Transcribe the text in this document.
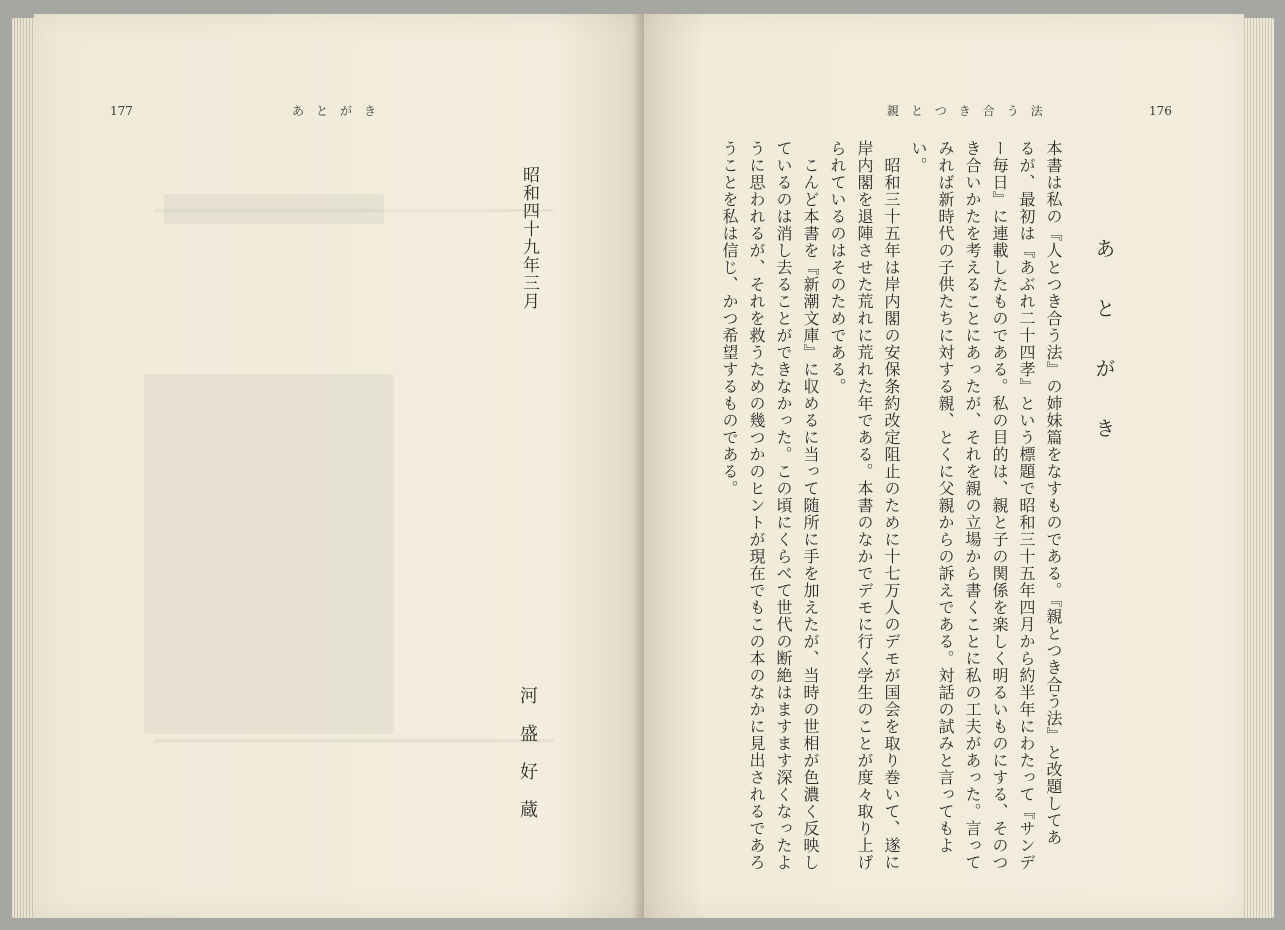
177	あとがき
昭和四十九年三月
河盛好蔵
親とつき合う法	176
あとがき
本書は私の『人とつき合う法』の姉妹篇をなすものである。『親とつき合う法』と改題してあ
るが、最初は『あぶれ二十四孝』という標題で昭和三十五年四月から約半年にわたって『サンデ
ー毎日』に連載したものである。私の目的は、親と子の関係を楽しく明るいものにする、そのつ
き合いかたを考えることにあったが、それを親の立場から書くことに私の工夫があった。言って
みれば新時代の子供たちに対する親、とくに父親からの訴えである。対話の試みと言ってもよ
い。
　昭和三十五年は岸内閣の安保条約改定阻止のために十七万人のデモが国会を取り巻いて、遂に
岸内閣を退陣させた荒れに荒れた年である。本書のなかでデモに行く学生のことが度々取り上げ
られているのはそのためである。
　こんど本書を『新潮文庫』に収めるに当って随所に手を加えたが、当時の世相が色濃く反映し
ているのは消し去ることができなかった。この頃にくらべて世代の断絶はますます深くなったよ
うに思われるが、それを救うための幾つかのヒントが現在でもこの本のなかに見出されるであろ
うことを私は信じ、かつ希望するものである。
